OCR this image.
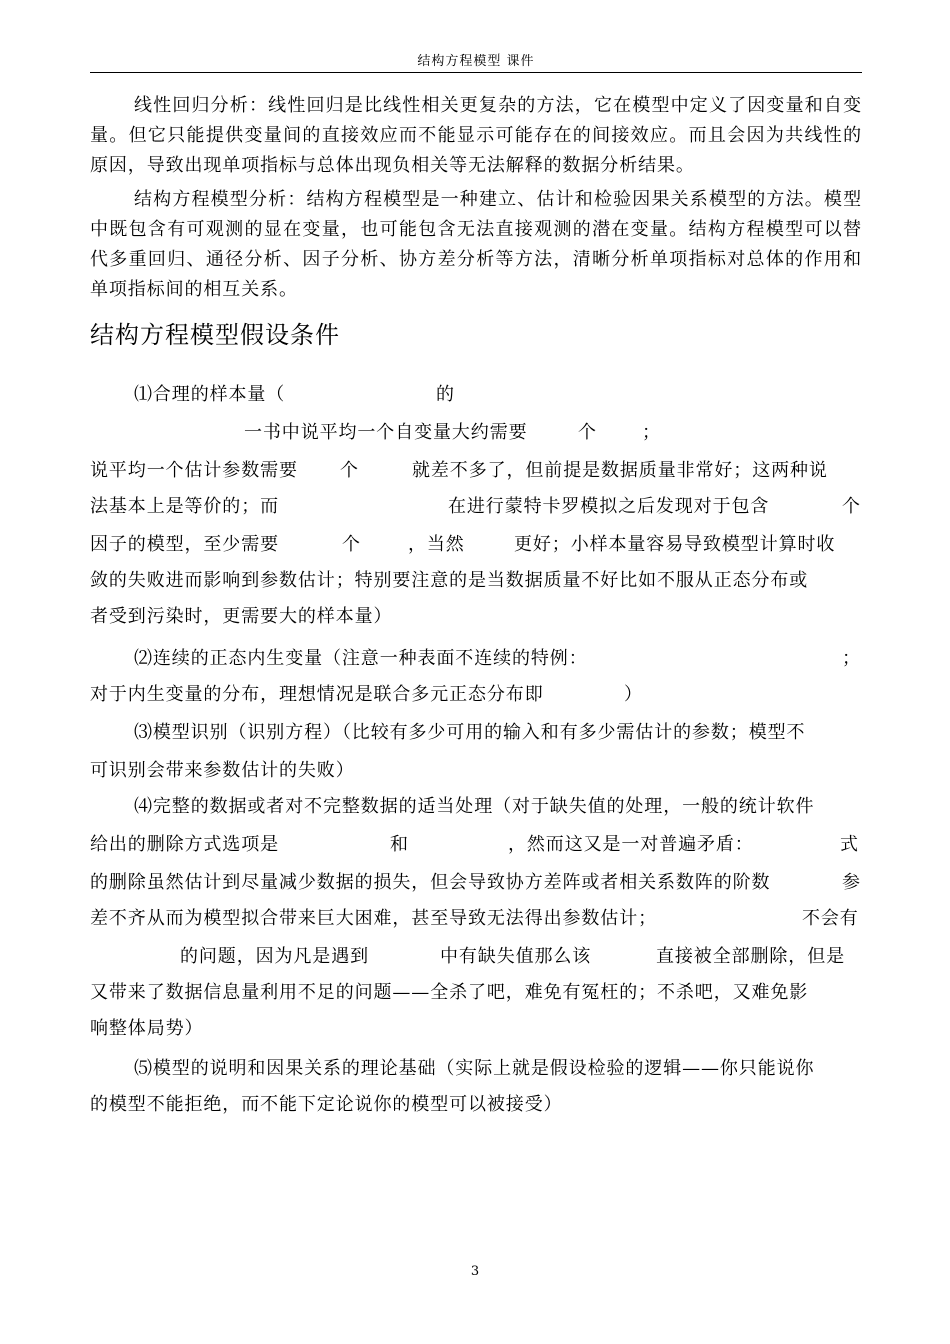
结构方程模型 课件

线性回归分析：线性回归是比线性相关更复杂的方法，它在模型中定义了因变量和自变量。但它只能提供变量间的直接效应而不能显示可能存在的间接效应。而且会因为共线性的原因，导致出现单项指标与总体出现负相关等无法解释的数据分析结果。

结构方程模型分析：结构方程模型是一种建立、估计和检验因果关系模型的方法。模型中既包含有可观测的显在变量，也可能包含无法直接观测的潜在变量。结构方程模型可以替代多重回归、通径分析、因子分析、协方差分析等方法，清晰分析单项指标对总体的作用和单项指标间的相互关系。

结构方程模型假设条件
⑴合理的样本量（	的
一书中说平均一个自变量大约需要	个	；
说平均一个估计参数需要 个	就差不多了，但前提是数据质量非常好；这两种说
法基本上是等价的；而	在进行蒙特卡罗模拟之后发现对于包含	个
因子的模型，至少需要	个	，当然	更好；小样本量容易导致模型计算时收
敛的失败进而影响到参数估计；特别要注意的是当数据质量不好比如不服从正态分布或
者受到污染时，更需要大的样本量）
⑵连续的正态内生变量（注意一种表面不连续的特例：	；
对于内生变量的分布，理想情况是联合多元正态分布即	）
⑶模型识别（识别方程）（比较有多少可用的输入和有多少需估计的参数；模型不
可识别会带来参数估计的失败）
⑷完整的数据或者对不完整数据的适当处理（对于缺失值的处理，一般的统计软件
给出的删除方式选项是	和	，然而这又是一对普遍矛盾：	式
的删除虽然估计到尽量减少数据的损失，但会导致协方差阵或者相关系数阵的阶数	参
差不齐从而为模型拟合带来巨大困难，甚至导致无法得出参数估计；	不会有
的问题，因为凡是遇到	中有缺失值那么该	直接被全部删除，但是
又带来了数据信息量利用不足的问题——全杀了吧，难免有冤枉的；不杀吧，又难免影
响整体局势）
⑸模型的说明和因果关系的理论基础（实际上就是假设检验的逻辑——你只能说你
的模型不能拒绝，而不能下定论说你的模型可以被接受）
3
